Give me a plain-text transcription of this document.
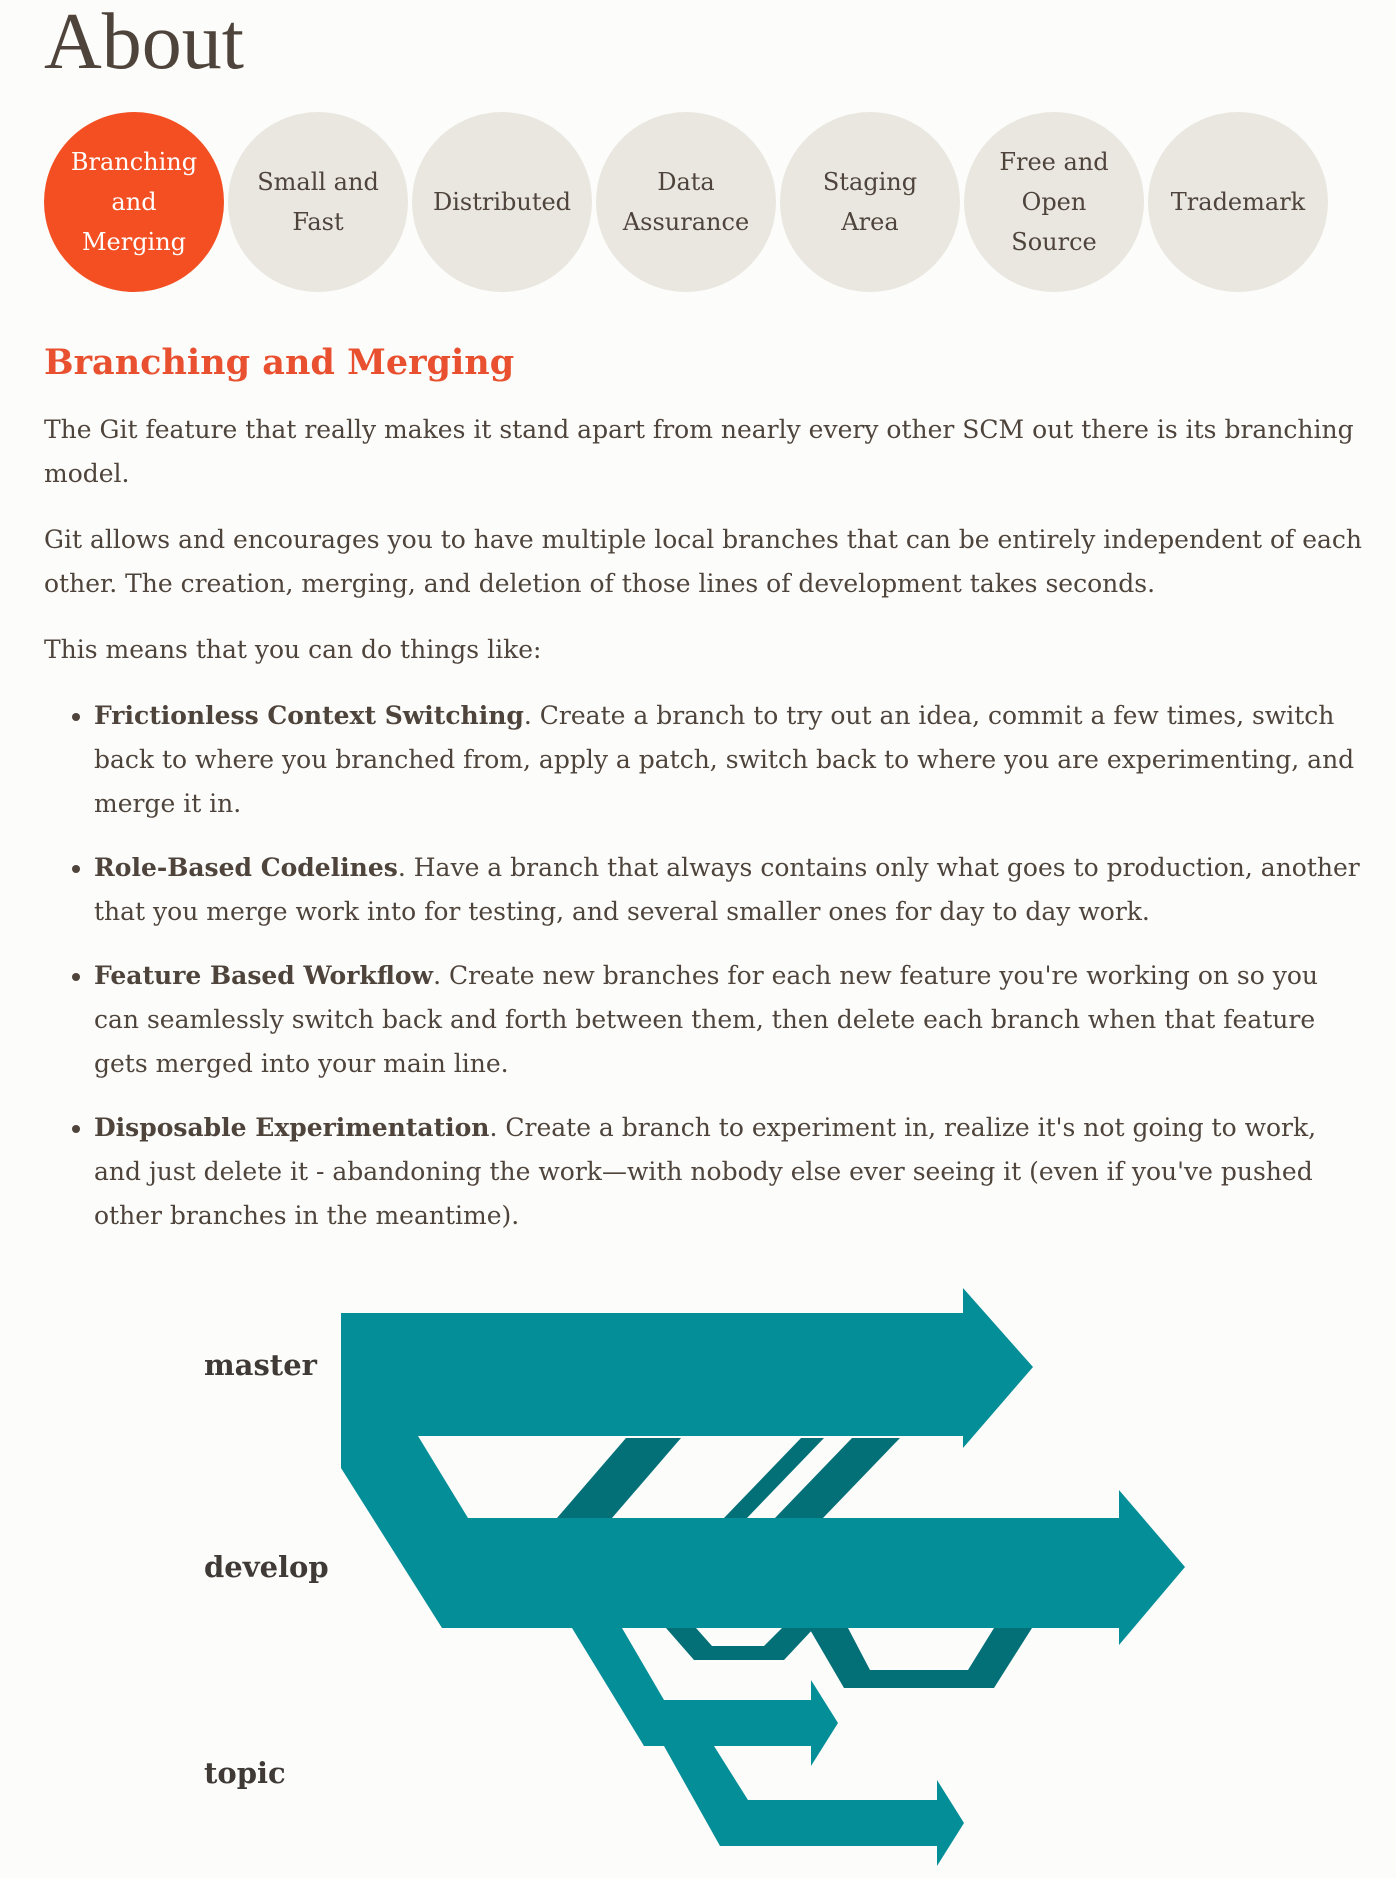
About
Branching and Merging
Small and Fast
Distributed
Data Assurance
Staging Area
Free and Open Source
Trademark
Branching and Merging

The Git feature that really makes it stand apart from nearly every other SCM out there is its branching model.

Git allows and encourages you to have multiple local branches that can be entirely independent of each other. The creation, merging, and deletion of those lines of development takes seconds.

This means that you can do things like:

• Frictionless Context Switching. Create a branch to try out an idea, commit a few times, switch back to where you branched from, apply a patch, switch back to where you are experimenting, and merge it in.
• Role-Based Codelines. Have a branch that always contains only what goes to production, another that you merge work into for testing, and several smaller ones for day to day work.
• Feature Based Workflow. Create new branches for each new feature you're working on so you can seamlessly switch back and forth between them, then delete each branch when that feature gets merged into your main line.
• Disposable Experimentation. Create a branch to experiment in, realize it's not going to work, and just delete it - abandoning the work—with nobody else ever seeing it (even if you've pushed other branches in the meantime).
master
develop
topic
